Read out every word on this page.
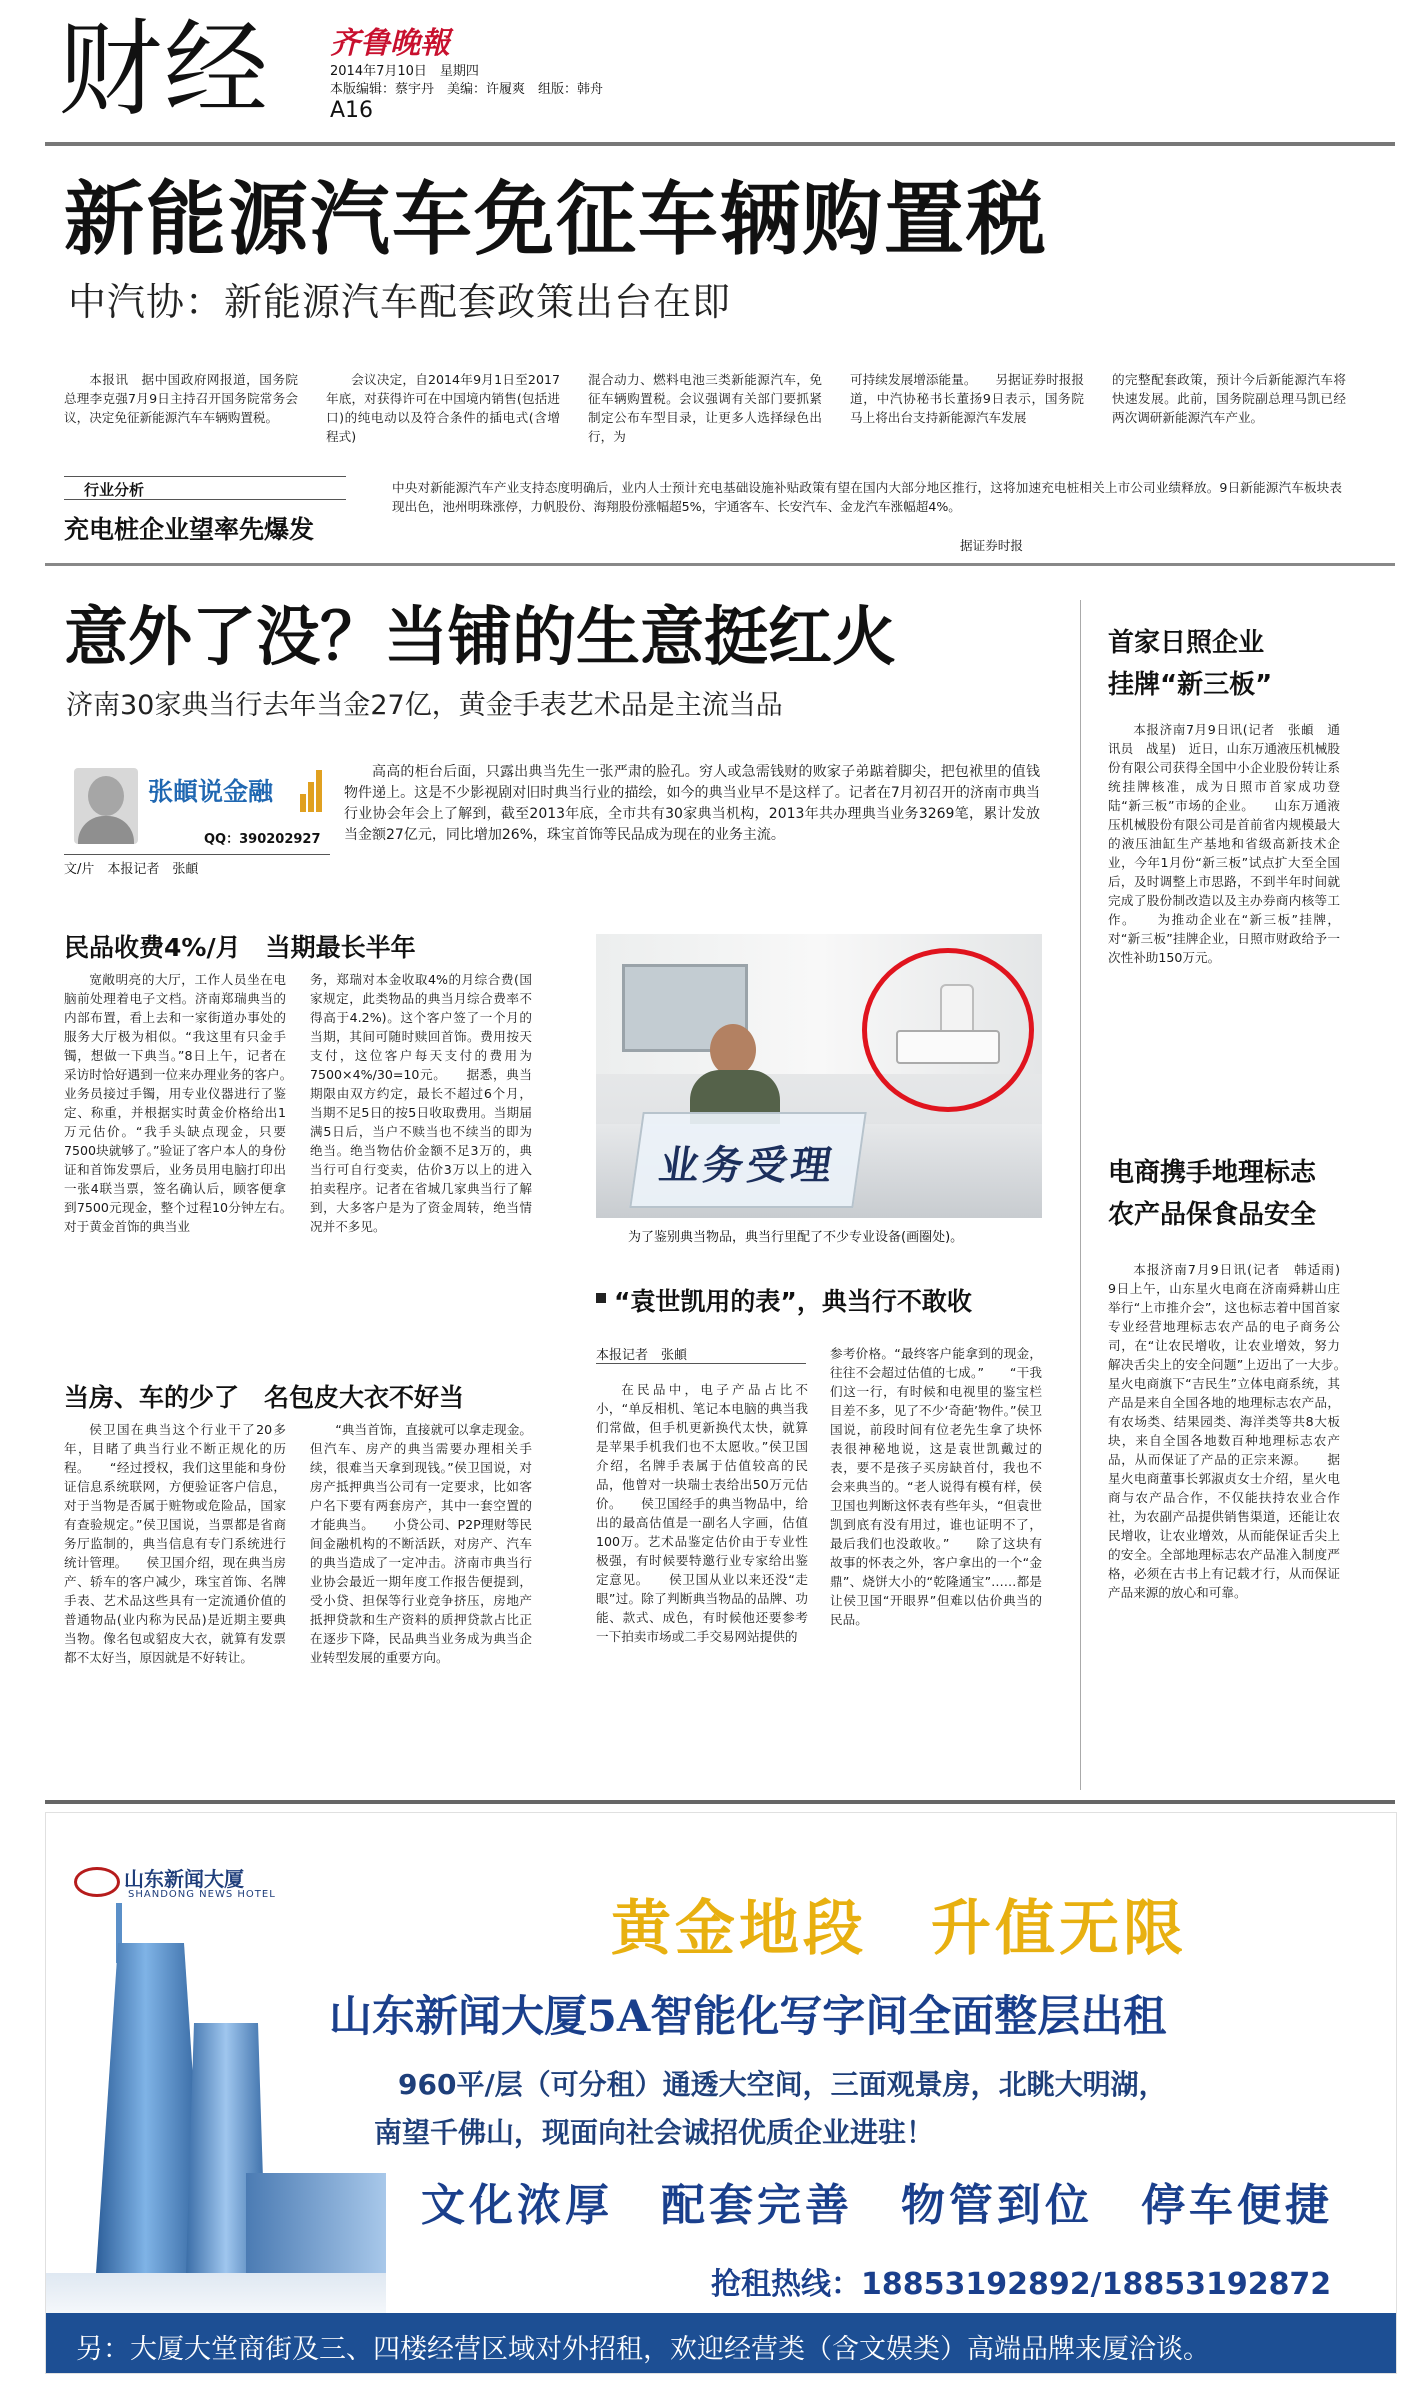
财经 齐鲁晚報
2014年7月10日　星期四
本版编辑：蔡宇丹　美编：许履爽　组版：韩舟
A16
新能源汽车免征车辆购置税
中汽协：新能源汽车配套政策出台在即

本报讯　据中国政府网报道，国务院总理李克强7月9日主持召开国务院常务会议，决定免征新能源汽车车辆购置税。

会议决定，自2014年9月1日至2017年底，对获得许可在中国境内销售(包括进口)的纯电动以及符合条件的插电式(含增程式)

混合动力、燃料电池三类新能源汽车，免征车辆购置税。会议强调有关部门要抓紧制定公布车型目录，让更多人选择绿色出行，为

可持续发展增添能量。　　另据证券时报报道，中汽协秘书长董扬9日表示，国务院马上将出台支持新能源汽车发展

的完整配套政策，预计今后新能源汽车将快速发展。此前，国务院副总理马凯已经两次调研新能源汽车产业。

行业分析
充电桩企业望率先爆发

中央对新能源汽车产业支持态度明确后，业内人士预计充电基础设施补贴政策有望在国内大部分地区推行，这将加速充电桩相关上市公司业绩释放。9日新能源汽车板块表现出色，池州明珠涨停，力帆股份、海翔股份涨幅超5%，宇通客车、长安汽车、金龙汽车涨幅超4%。

据证券时报
意外了没？当铺的生意挺红火
济南30家典当行去年当金27亿，黄金手表艺术品是主流当品
张頔说金融
QQ：390202927
文/片　本报记者　张頔

高高的柜台后面，只露出典当先生一张严肃的脸孔。穷人或急需钱财的败家子弟踮着脚尖，把包袱里的值钱物件递上。这是不少影视剧对旧时典当行业的描绘，如今的典当业早不是这样了。记者在7月初召开的济南市典当行业协会年会上了解到，截至2013年底，全市共有30家典当机构，2013年共办理典当业务3269笔，累计发放当金额27亿元，同比增加26%，珠宝首饰等民品成为现在的业务主流。

民品收费4%/月　当期最长半年

宽敞明亮的大厅，工作人员坐在电脑前处理着电子文档。济南郑瑞典当的内部布置，看上去和一家街道办事处的服务大厅极为相似。“我这里有只金手镯，想做一下典当。”8日上午，记者在采访时恰好遇到一位来办理业务的客户。　　业务员接过手镯，用专业仪器进行了鉴定、称重，并根据实时黄金价格给出1万元估价。“我手头缺点现金，只要7500块就够了。”验证了客户本人的身份证和首饰发票后，业务员用电脑打印出一张4联当票，签名确认后，顾客便拿到7500元现金，整个过程10分钟左右。　　对于黄金首饰的典当业

务，郑瑞对本金收取4%的月综合费(国家规定，此类物品的典当月综合费率不得高于4.2%)。这个客户签了一个月的当期，其间可随时赎回首饰。费用按天支付，这位客户每天支付的费用为7500×4%/30=10元。　　据悉，典当期限由双方约定，最长不超过6个月，当期不足5日的按5日收取费用。当期届满5日后，当户不赎当也不续当的即为绝当。绝当物估价金额不足3万的，典当行可自行变卖，估价3万以上的进入拍卖程序。记者在省城几家典当行了解到，大多客户是为了资金周转，绝当情况并不多见。

当房、车的少了　名包皮大衣不好当

侯卫国在典当这个行业干了20多年，目睹了典当行业不断正规化的历程。　　“经过授权，我们这里能和身份证信息系统联网，方便验证客户信息，对于当物是否属于赃物或危险品，国家有查验规定。”侯卫国说，当票都是省商务厅监制的，典当信息有专门系统进行统计管理。　　侯卫国介绍，现在典当房产、轿车的客户减少，珠宝首饰、名牌手表、艺术品这些具有一定流通价值的普通物品(业内称为民品)是近期主要典当物。像名包或貂皮大衣，就算有发票都不太好当，原因就是不好转让。

“典当首饰，直接就可以拿走现金。但汽车、房产的典当需要办理相关手续，很难当天拿到现钱。”侯卫国说，对房产抵押典当公司有一定要求，比如客户名下要有两套房产，其中一套空置的才能典当。　　小贷公司、P2P理财等民间金融机构的不断活跃，对房产、汽车的典当造成了一定冲击。济南市典当行业协会最近一期年度工作报告便提到，受小贷、担保等行业竞争挤压，房地产抵押贷款和生产资料的质押贷款占比正在逐步下降，民品典当业务成为典当企业转型发展的重要方向。

业务受理
为了鉴别典当物品，典当行里配了不少专业设备(画圈处)。
“袁世凯用的表”，典当行不敢收
本报记者　张頔

在民品中，电子产品占比不小，“单反相机、笔记本电脑的典当我们常做，但手机更新换代太快，就算是苹果手机我们也不太愿收。”侯卫国介绍，名牌手表属于估值较高的民品，他曾对一块瑞士表给出50万元估价。　　侯卫国经手的典当物品中，给出的最高估值是一副名人字画，估值100万。艺术品鉴定估价由于专业性极强，有时候要特邀行业专家给出鉴定意见。　　侯卫国从业以来还没“走眼”过。除了判断典当物品的品牌、功能、款式、成色，有时候他还要参考一下拍卖市场或二手交易网站提供的

参考价格。“最终客户能拿到的现金，往往不会超过估值的七成。”　　“干我们这一行，有时候和电视里的鉴宝栏目差不多，见了不少‘奇葩’物件。”侯卫国说，前段时间有位老先生拿了块怀表很神秘地说，这是袁世凯戴过的表，要不是孩子买房缺首付，我也不会来典当的。“老人说得有模有样，侯卫国也判断这怀表有些年头，“但袁世凯到底有没有用过，谁也证明不了，最后我们也没敢收。”　　除了这块有故事的怀表之外，客户拿出的一个“金鼎”、烧饼大小的“乾隆通宝”……都是让侯卫国“开眼界”但难以估价典当的民品。

首家日照企业
挂牌“新三板”

本报济南7月9日讯(记者　张頔　通讯员　战星)　近日，山东万通液压机械股份有限公司获得全国中小企业股份转让系统挂牌核准，成为日照市首家成功登陆“新三板”市场的企业。　　山东万通液压机械股份有限公司是首前省内规模最大的液压油缸生产基地和省级高新技术企业，今年1月份“新三板”试点扩大至全国后，及时调整上市思路，不到半年时间就完成了股份制改造以及主办券商内核等工作。　　为推动企业在“新三板”挂牌，对“新三板”挂牌企业，日照市财政给予一次性补助150万元。

电商携手地理标志
农产品保食品安全

本报济南7月9日讯(记者　韩适雨)　9日上午，山东星火电商在济南舜耕山庄举行“上市推介会”，这也标志着中国首家专业经营地理标志农产品的电子商务公司，在“让农民增收，让农业增效，努力解决舌尖上的安全问题”上迈出了一大步。　　星火电商旗下“吉民生”立体电商系统，其产品是来自全国各地的地理标志农产品，有农场类、结果园类、海洋类等共8大板块，来自全国各地数百种地理标志农产品，从而保证了产品的正宗来源。　　据星火电商董事长郭淑贞女士介绍，星火电商与农产品合作，不仅能扶持农业合作社，为农副产品提供销售渠道，还能让农民增收，让农业增效，从而能保证舌尖上的安全。全部地理标志农产品准入制度严格，必须在古书上有记载才行，从而保证产品来源的放心和可靠。

山东新闻大厦
SHANDONG NEWS HOTEL	黄金地段　升值无限
山东新闻大厦5A智能化写字间全面整层出租
960平/层（可分租）通透大空间，三面观景房，北眺大明湖，
南望千佛山，现面向社会诚招优质企业进驻！
文化浓厚　配套完善　物管到位　停车便捷
抢租热线：18853192892/18853192872
另：大厦大堂商街及三、四楼经营区域对外招租，欢迎经营类（含文娱类）高端品牌来厦洽谈。
